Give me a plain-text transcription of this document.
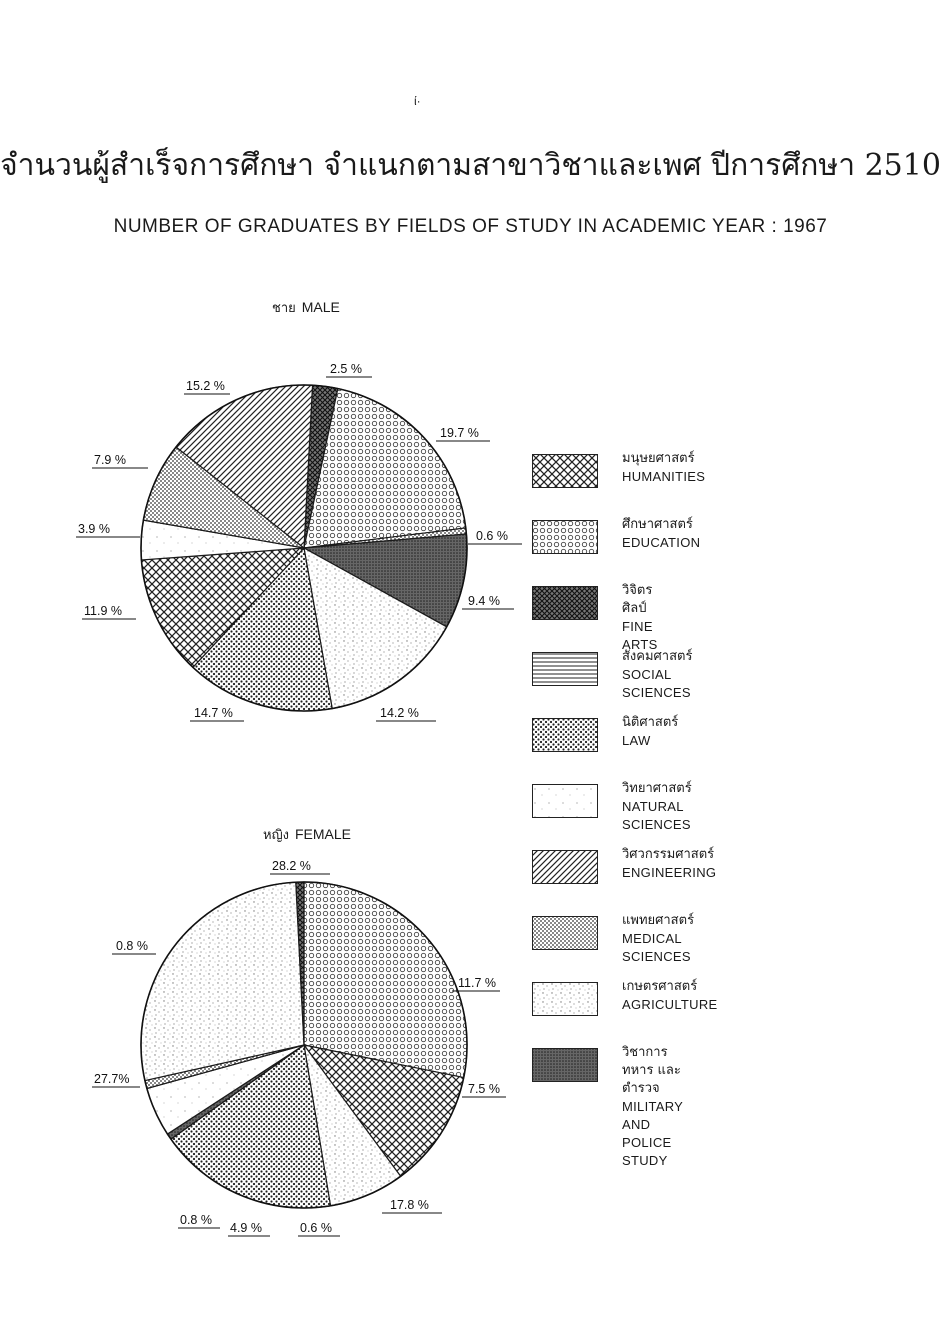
ί·
จำนวนผู้สำเร็จการศึกษา จำแนกตามสาขาวิชาและเพศ ปีการศึกษา 2510
NUMBER OF GRADUATES BY FIELDS OF STUDY IN ACADEMIC YEAR : 1967
ชาย MALE
หญิง FEMALE
2.5 %
19.7 %
0.6 %
9.4 %
14.2 %
14.7 %
11.9 %
3.9 %
7.9 %
15.2 %
28.2 %
11.7 %
7.5 %
17.8 %
0.6 %
4.9 %
0.8 %
27.7%
0.8 %
มนุษยศาสตร์
HUMANITIES
ศึกษาศาสตร์
EDUCATION
วิจิตรศิลป์
FINE ARTS
สังคมศาสตร์
SOCIAL SCIENCES
นิติศาสตร์
LAW
วิทยาศาสตร์
NATURAL SCIENCES
วิศวกรรมศาสตร์
ENGINEERING
แพทยศาสตร์
MEDICAL SCIENCES
เกษตรศาสตร์
AGRICULTURE
วิชาการทหาร และ ตำรวจ
MILITARY AND POLICE STUDY
